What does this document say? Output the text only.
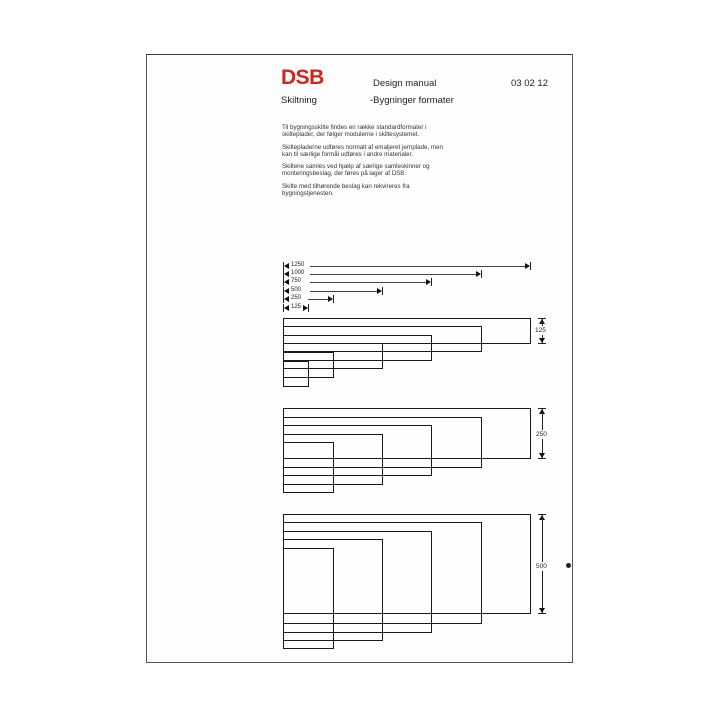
DSB	Design manual	03 02 12
Skiltning	-Bygninger formater

Til bygningsskilte findes en række standardformater i skilteplader, der følger modulerne i skiltesystemet.

Skiltepladerne udføres normalt af emaljeret jernplade, men kan til særlige formål udføres i andre materialer.

Skiltene samles ved hjælp af særlige samleskinner og monteringsbeslag, der føres på lager af DSB.

Skilte med tilhørende beslag kan rekvireres fra bygningstjenesten.

1250
1000
750
500
250
125
125
250
500
